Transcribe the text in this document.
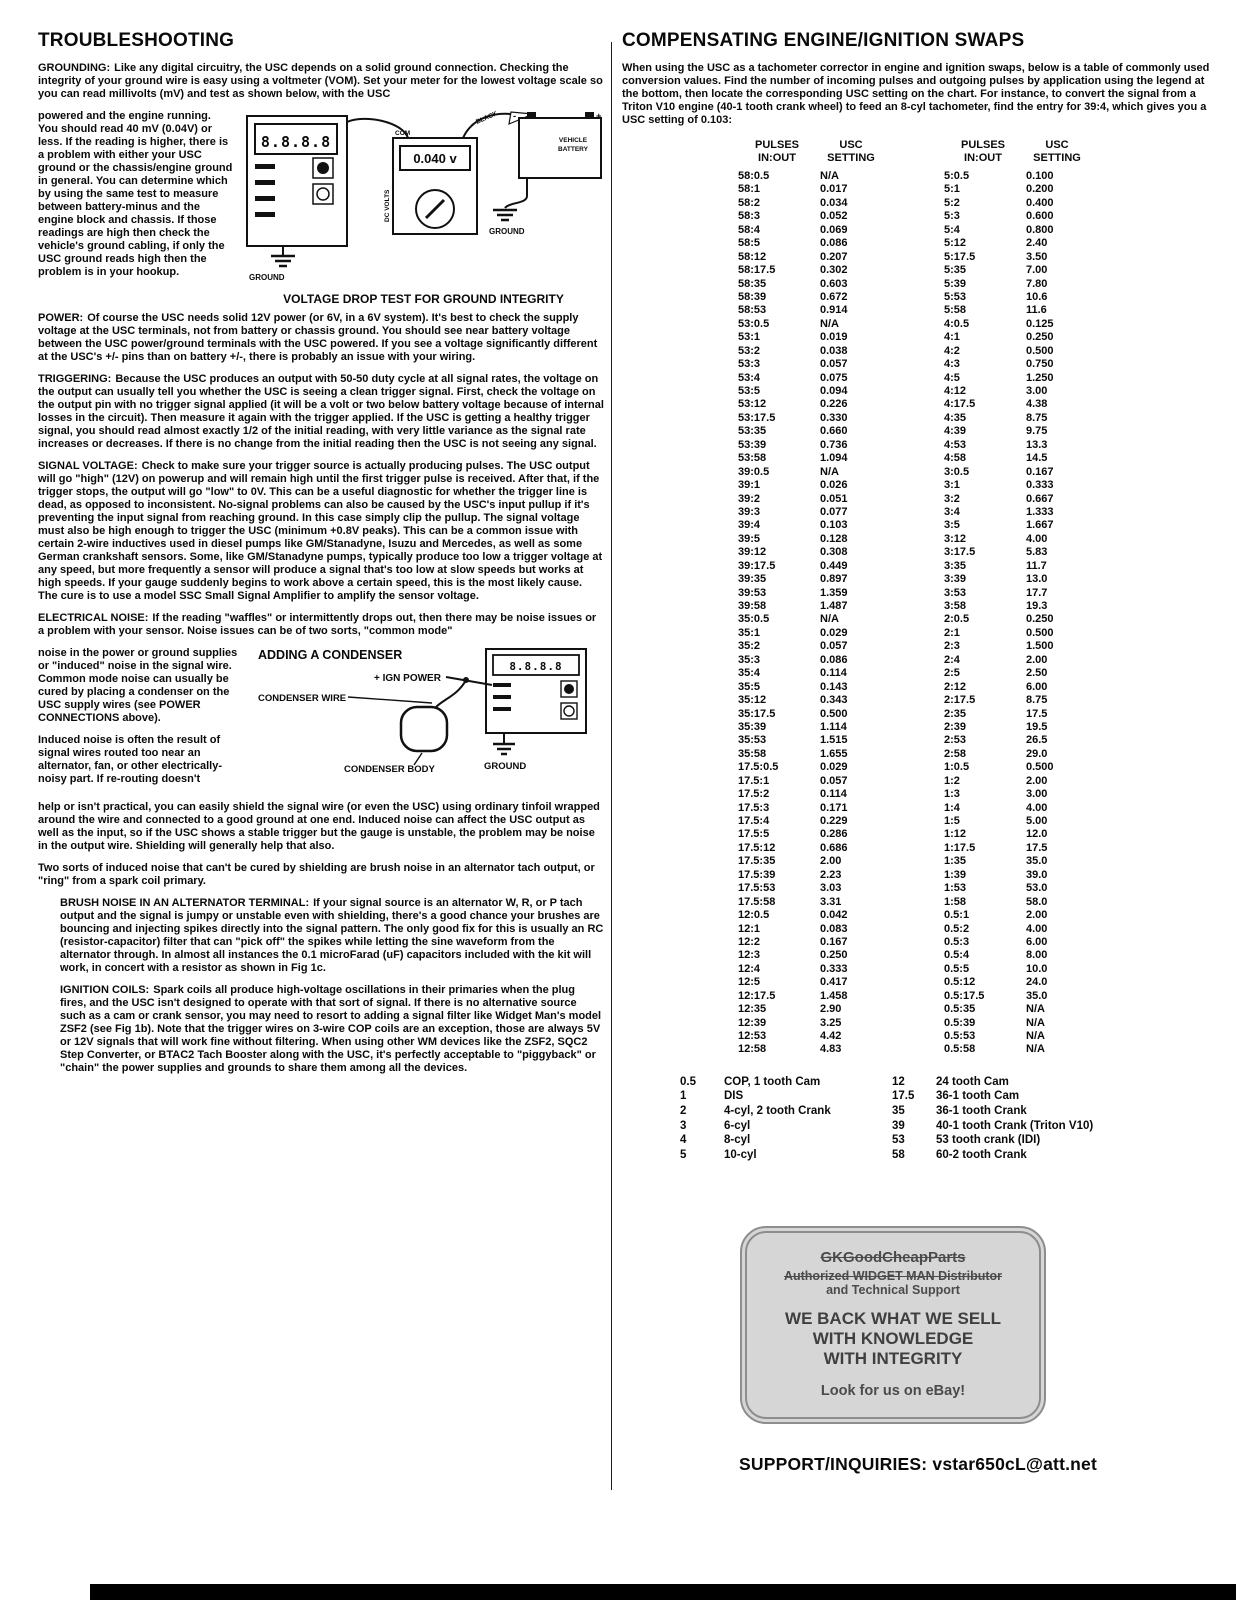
TROUBLESHOOTING

GROUNDING: Like any digital circuitry, the USC depends on a solid ground connection. Checking the integrity of your ground wire is easy using a voltmeter (VOM). Set your meter for the lowest voltage scale so you can read millivolts (mV) and test as shown below, with the USC

powered and the engine running. You should read 40 mV (0.04V) or less. If the reading is higher, there is a problem with either your USC ground or the chassis/engine ground in general. You can determine which by using the same test to measure between battery-minus and the engine block and chassis. If those readings are high then check the vehicle's ground cabling, if only the USC ground reads high then the problem is in your hookup.

8.8.8.8
GROUND
0.040 v
COM
DC VOLTS
BLACK -	+
VEHICLE
BATTERY
GROUND
VOLTAGE DROP TEST FOR GROUND INTEGRITY

POWER: Of course the USC needs solid 12V power (or 6V, in a 6V system). It's best to check the supply voltage at the USC terminals, not from battery or chassis ground. You should see near battery voltage between the USC power/ground terminals with the USC powered. If you see a voltage significantly different at the USC's +/- pins than on battery +/-, there is probably an issue with your wiring.

TRIGGERING: Because the USC produces an output with 50-50 duty cycle at all signal rates, the voltage on the output can usually tell you whether the USC is seeing a clean trigger signal. First, check the voltage on the output pin with no trigger signal applied (it will be a volt or two below battery voltage because of internal losses in the circuit). Then measure it again with the trigger applied. If the USC is getting a healthy trigger signal, you should read almost exactly 1/2 of the initial reading, with very little variance as the signal rate increases or decreases. If there is no change from the initial reading then the USC is not seeing any signal.

SIGNAL VOLTAGE: Check to make sure your trigger source is actually producing pulses. The USC output will go "high" (12V) on powerup and will remain high until the first trigger pulse is received. After that, if the trigger stops, the output will go "low" to 0V. This can be a useful diagnostic for whether the trigger line is dead, as opposed to inconsistent. No-signal problems can also be caused by the USC's input pullup if it's preventing the input signal from reaching ground. In this case simply clip the pullup. The signal voltage must also be high enough to trigger the USC (minimum +0.8V peaks). This can be a common issue with certain 2-wire inductives used in diesel pumps like GM/Stanadyne, Isuzu and Mercedes, as well as some German crankshaft sensors. Some, like GM/Stanadyne pumps, typically produce too low a trigger voltage at any speed, but more frequently a sensor will produce a signal that's too low at slow speeds but works at high speeds. If your gauge suddenly begins to work above a certain speed, this is the most likely cause. The cure is to use a model SSC Small Signal Amplifier to amplify the sensor voltage.

ELECTRICAL NOISE: If the reading "waffles" or intermittently drops out, then there may be noise issues or a problem with your sensor. Noise issues can be of two sorts, "common mode"

noise in the power or ground supplies or "induced" noise in the signal wire. Common mode noise can usually be cured by placing a condenser on the USC supply wires (see POWER CONNECTIONS above).

Induced noise is often the result of signal wires routed too near an alternator, fan, or other electrically-noisy part. If re-routing doesn't

ADDING A CONDENSER
8.8.8.8
+ IGN POWER
CONDENSER WIRE
CONDENSER BODY	GROUND

help or isn't practical, you can easily shield the signal wire (or even the USC) using ordinary tinfoil wrapped around the wire and connected to a good ground at one end. Induced noise can affect the USC output as well as the input, so if the USC shows a stable trigger but the gauge is unstable, the problem may be noise in the output wire. Shielding will generally help that also.

Two sorts of induced noise that can't be cured by shielding are brush noise in an alternator tach output, or "ring" from a spark coil primary.

BRUSH NOISE IN AN ALTERNATOR TERMINAL: If your signal source is an alternator W, R, or P tach output and the signal is jumpy or unstable even with shielding, there's a good chance your brushes are bouncing and injecting spikes directly into the signal pattern. The only good fix for this is usually an RC (resistor-capacitor) filter that can "pick off" the spikes while letting the sine waveform from the alternator through. In almost all instances the 0.1 microFarad (uF) capacitors included with the kit will work, in concert with a resistor as shown in Fig 1c.

IGNITION COILS: Spark coils all produce high-voltage oscillations in their primaries when the plug fires, and the USC isn't designed to operate with that sort of signal. If there is no alternative source such as a cam or crank sensor, you may need to resort to adding a signal filter like Widget Man's model ZSF2 (see Fig 1b). Note that the trigger wires on 3-wire COP coils are an exception, those are always 5V or 12V signals that will work fine without filtering. When using other WM devices like the ZSF2, SQC2 Step Converter, or BTAC2 Tach Booster along with the USC, it's perfectly acceptable to "piggyback" or "chain" the power supplies and grounds to share them among all the devices.

COMPENSATING ENGINE/IGNITION SWAPS

When using the USC as a tachometer corrector in engine and ignition swaps, below is a table of commonly used conversion values. Find the number of incoming pulses and outgoing pulses by application using the legend at the bottom, then locate the corresponding USC setting on the chart. For instance, to convert the signal from a Triton V10 engine (40-1 tooth crank wheel) to feed an 8-cyl tachometer, find the entry for 39:4, which gives you a USC setting of 0.103:

PULSES
IN:OUT
USC
SETTING
58:0.5	N/A
58:1	0.017
58:2	0.034
58:3	0.052
58:4	0.069
58:5	0.086
58:12	0.207
58:17.5	0.302
58:35	0.603
58:39	0.672
58:53	0.914
53:0.5	N/A
53:1	0.019
53:2	0.038
53:3	0.057
53:4	0.075
53:5	0.094
53:12	0.226
53:17.5	0.330
53:35	0.660
53:39	0.736
53:58	1.094
39:0.5	N/A
39:1	0.026
39:2	0.051
39:3	0.077
39:4	0.103
39:5	0.128
39:12	0.308
39:17.5	0.449
39:35	0.897
39:53	1.359
39:58	1.487
35:0.5	N/A
35:1	0.029
35:2	0.057
35:3	0.086
35:4	0.114
35:5	0.143
35:12	0.343
35:17.5	0.500
35:39	1.114
35:53	1.515
35:58	1.655
17.5:0.5	0.029
17.5:1	0.057
17.5:2	0.114
17.5:3	0.171
17.5:4	0.229
17.5:5	0.286
17.5:12	0.686
17.5:35	2.00
17.5:39	2.23
17.5:53	3.03
17.5:58	3.31
12:0.5	0.042
12:1	0.083
12:2	0.167
12:3	0.250
12:4	0.333
12:5	0.417
12:17.5	1.458
12:35	2.90
12:39	3.25
12:53	4.42
12:58	4.83
PULSES
IN:OUT
USC
SETTING
5:0.5	0.100
5:1	0.200
5:2	0.400
5:3	0.600
5:4	0.800
5:12	2.40
5:17.5	3.50
5:35	7.00
5:39	7.80
5:53	10.6
5:58	11.6
4:0.5	0.125
4:1	0.250
4:2	0.500
4:3	0.750
4:5	1.250
4:12	3.00
4:17.5	4.38
4:35	8.75
4:39	9.75
4:53	13.3
4:58	14.5
3:0.5	0.167
3:1	0.333
3:2	0.667
3:4	1.333
3:5	1.667
3:12	4.00
3:17.5	5.83
3:35	11.7
3:39	13.0
3:53	17.7
3:58	19.3
2:0.5	0.250
2:1	0.500
2:3	1.500
2:4	2.00
2:5	2.50
2:12	6.00
2:17.5	8.75
2:35	17.5
2:39	19.5
2:53	26.5
2:58	29.0
1:0.5	0.500
1:2	2.00
1:3	3.00
1:4	4.00
1:5	5.00
1:12	12.0
1:17.5	17.5
1:35	35.0
1:39	39.0
1:53	53.0
1:58	58.0
0.5:1	2.00
0.5:2	4.00
0.5:3	6.00
0.5:4	8.00
0.5:5	10.0
0.5:12	24.0
0.5:17.5	35.0
0.5:35	N/A
0.5:39	N/A
0.5:53	N/A
0.5:58	N/A
0.5	COP, 1 tooth Cam
1	DIS
2	4-cyl, 2 tooth Crank
3	6-cyl
4	8-cyl
5	10-cyl
12	24 tooth Cam
17.5	36-1 tooth Cam
35	36-1 tooth Crank
39	40-1 tooth Crank (Triton V10)
53	53 tooth crank (IDI)
58	60-2 tooth Crank
GKGoodCheapParts
Authorized WIDGET MAN Distributor
and Technical Support
WE BACK WHAT WE SELL
WITH KNOWLEDGE
WITH INTEGRITY
Look for us on eBay!
SUPPORT/INQUIRIES: vstar650cL@att.net
